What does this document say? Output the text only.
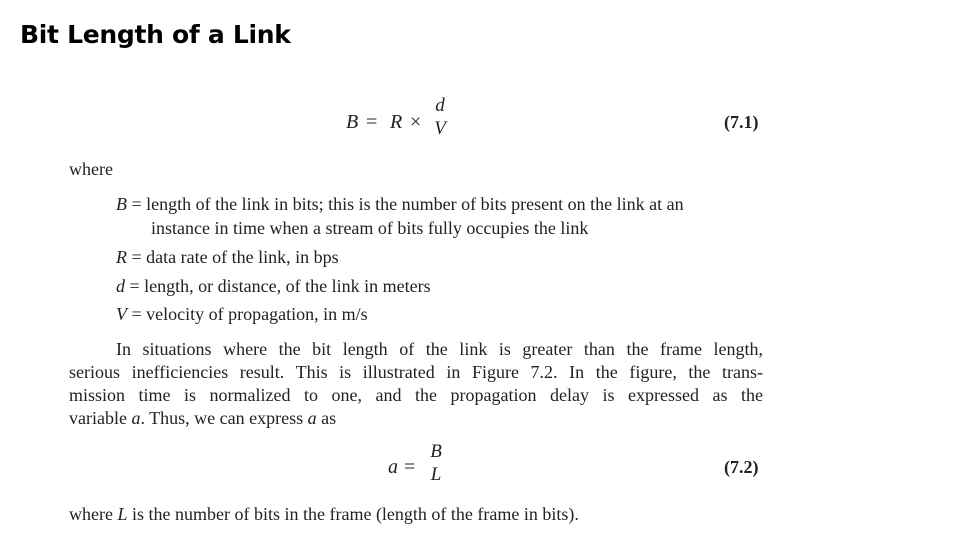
Bit Length of a Link
B = R ×
d
V	(7.1)
where
B = length of the link in bits; this is the number of bits present on the link at an
instance in time when a stream of bits fully occupies the link
R = data rate of the link, in bps
d = length, or distance, of the link in meters
V = velocity of propagation, in m/s
In situations where the bit length of the link is greater than the frame length,
serious inefficiencies result. This is illustrated in Figure 7.2. In the figure, the trans-
mission time is normalized to one, and the propagation delay is expressed as the
variable a. Thus, we can express a as
a =
B
L	(7.2)
where L is the number of bits in the frame (length of the frame in bits).
